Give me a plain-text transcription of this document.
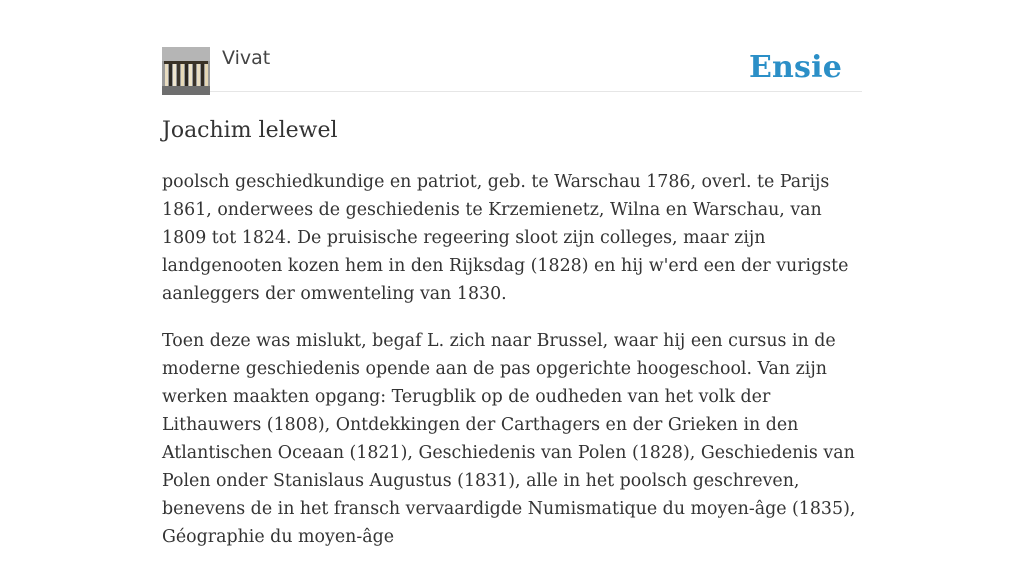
Vivat	Ensie
Joachim lelewel

poolsch geschiedkundige en patriot, geb. te Warschau 1786, overl. te Parijs 1861, onderwees de geschiedenis te Krzemienetz, Wilna en Warschau, van 1809 tot 1824. De pruisische regeering sloot zijn colleges, maar zijn landgenooten kozen hem in den Rijksdag (1828) en hij w'erd een der vurigste aanleggers der omwenteling van 1830.

Toen deze was mislukt, begaf L. zich naar Brussel, waar hij een cursus in de moderne geschiedenis opende aan de pas opgerichte hoogeschool. Van zijn werken maakten opgang: Terugblik op de oudheden van het volk der Lithauwers (1808), Ontdekkingen der Carthagers en der Grieken in den Atlantischen Oceaan (1821), Geschiedenis van Polen (1828), Geschiedenis van Polen onder Stanislaus Augustus (1831), alle in het poolsch geschreven, benevens de in het fransch vervaardigde Numismatique du moyen-âge (1835), Géographie du moyen-âge
